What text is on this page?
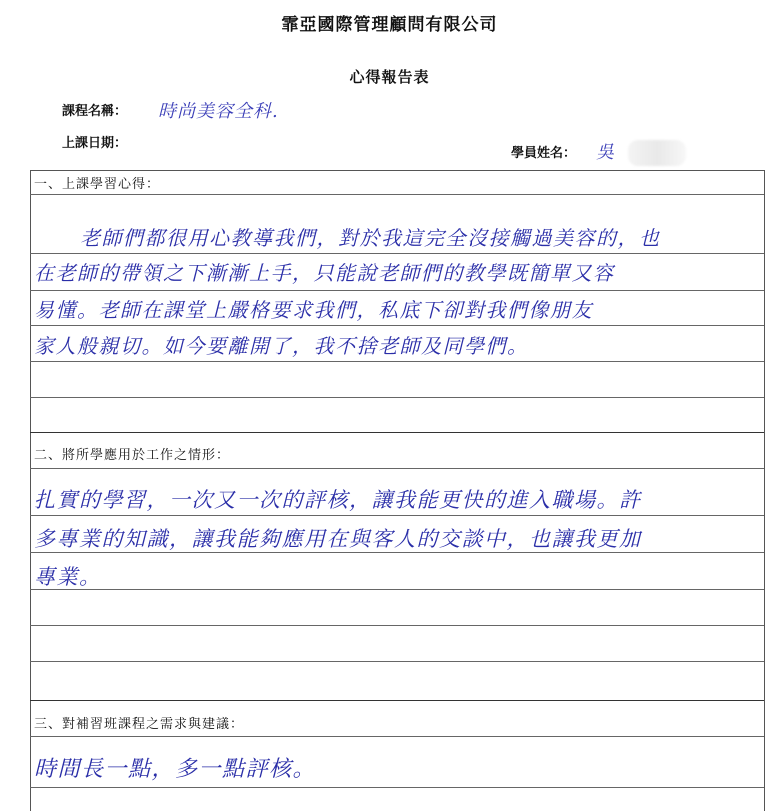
霏亞國際管理顧問有限公司
心得報告表
課程名稱： 時尚美容全科.
上課日期：
學員姓名： 吳
一、上課學習心得：
老師們都很用心教導我們，對於我這完全沒接觸過美容的，也
在老師的帶領之下漸漸上手，只能說老師們的教學既簡單又容
易懂。老師在課堂上嚴格要求我們，私底下卻對我們像朋友
家人般親切。如今要離開了，我不捨老師及同學們。
二、將所學應用於工作之情形：
扎實的學習，一次又一次的評核，讓我能更快的進入職場。許
多專業的知識，讓我能夠應用在與客人的交談中，也讓我更加
專業。
三、對補習班課程之需求與建議：
時間長一點，多一點評核。
